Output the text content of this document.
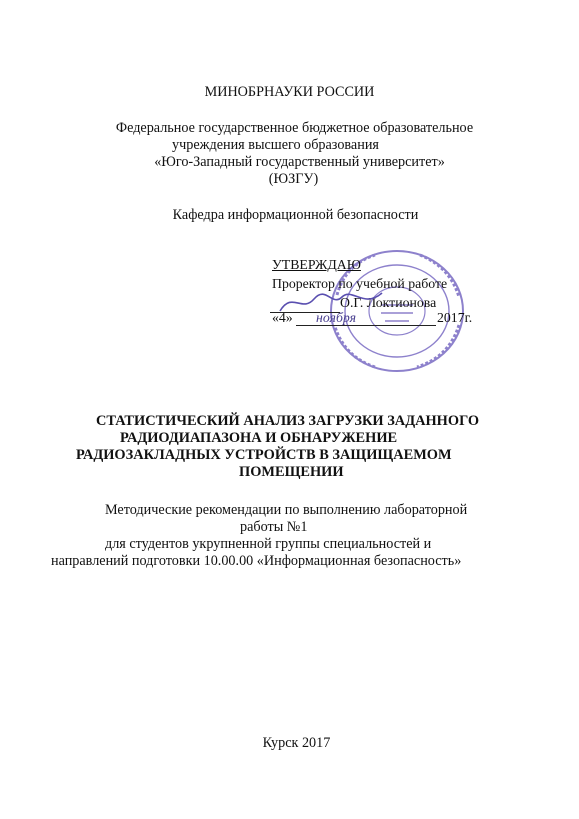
МИНОБРНАУКИ РОССИИ
Федеральное государственное бюджетное образовательное
учреждения высшего образования
«Юго-Западный государственный университет»
(ЮЗГУ)
Кафедра информационной безопасности
УТВЕРЖДАЮ
Проректор по учебной работе
О.Г. Локтионова
«4» ноября	2017г.
СТАТИСТИЧЕСКИЙ АНАЛИЗ ЗАГРУЗКИ ЗАДАННОГО
РАДИОДИАПАЗОНА И ОБНАРУЖЕНИЕ
РАДИОЗАКЛАДНЫХ УСТРОЙСТВ В ЗАЩИЩАЕМОМ
ПОМЕЩЕНИИ
Методические рекомендации по выполнению лабораторной
работы №1
для студентов укрупненной группы специальностей и
направлений подготовки 10.00.00 «Информационная безопасность»
Курск 2017
